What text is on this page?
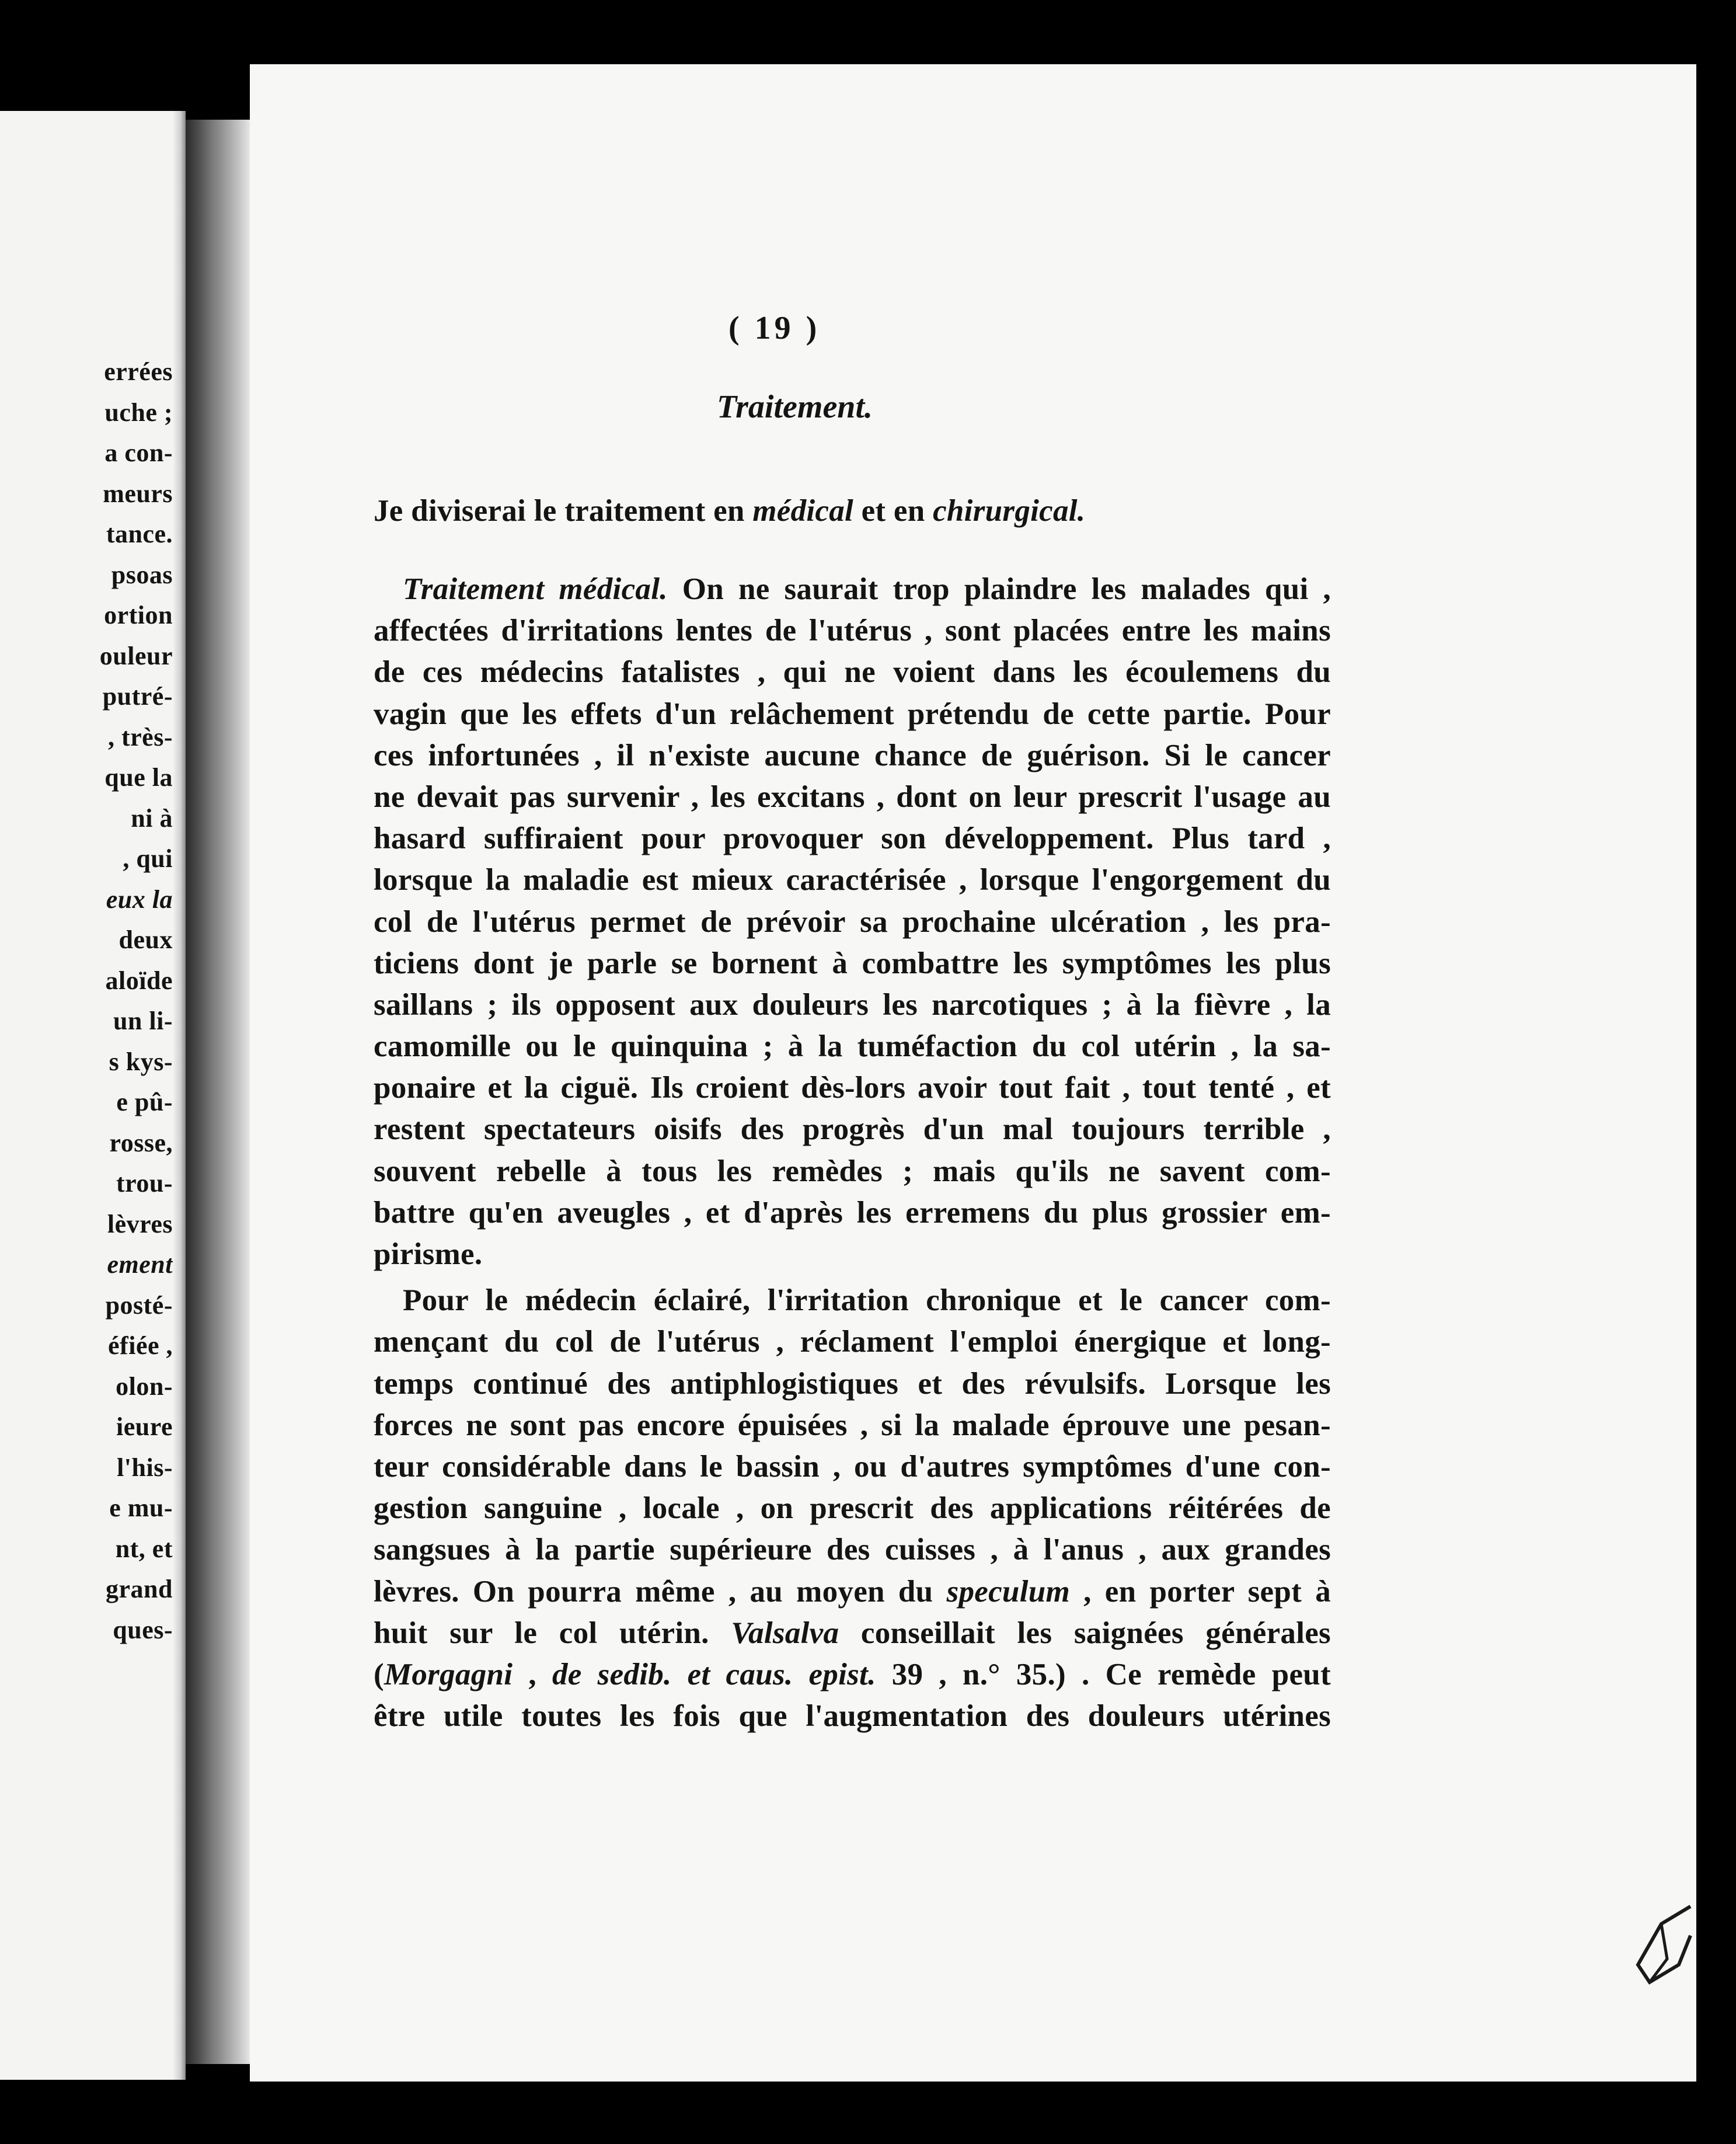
errées
uche ;
a con-
meurs
tance.
psoas
ortion
ouleur
putré-
, très-
que la
ni à
, qui
eux la
deux
aloïde
un li-
s kys-
e pû-
rosse,
trou-
lèvres
ement
posté-
éfiée ,
olon-
ieure
l'his-
e mu-
nt, et
grand
ques-
( 19 )
Traitement.
Je diviserai le traitement en médical et en chirurgical.
Traitement médical. On ne saurait trop plaindre les malades qui ,
affectées d'irritations lentes de l'utérus , sont placées entre les mains
de ces médecins fatalistes , qui ne voient dans les écoulemens du
vagin que les effets d'un relâchement prétendu de cette partie. Pour
ces infortunées , il n'existe aucune chance de guérison. Si le cancer
ne devait pas survenir , les excitans , dont on leur prescrit l'usage au
hasard suffiraient pour provoquer son développement. Plus tard ,
lorsque la maladie est mieux caractérisée , lorsque l'engorgement du
col de l'utérus permet de prévoir sa prochaine ulcération , les pra-
ticiens dont je parle se bornent à combattre les symptômes les plus
saillans ; ils opposent aux douleurs les narcotiques ; à la fièvre , la
camomille ou le quinquina ; à la tuméfaction du col utérin , la sa-
ponaire et la ciguë. Ils croient dès-lors avoir tout fait , tout tenté , et
restent spectateurs oisifs des progrès d'un mal toujours terrible ,
souvent rebelle à tous les remèdes ; mais qu'ils ne savent com-
battre qu'en aveugles , et d'après les erremens du plus grossier em-
pirisme.
Pour le médecin éclairé, l'irritation chronique et le cancer com-
mençant du col de l'utérus , réclament l'emploi énergique et long-
temps continué des antiphlogistiques et des révulsifs. Lorsque les
forces ne sont pas encore épuisées , si la malade éprouve une pesan-
teur considérable dans le bassin , ou d'autres symptômes d'une con-
gestion sanguine , locale , on prescrit des applications réitérées de
sangsues à la partie supérieure des cuisses , à l'anus , aux grandes
lèvres. On pourra même , au moyen du speculum , en porter sept à
huit sur le col utérin. Valsalva conseillait les saignées générales
(Morgagni , de sedib. et caus. epist. 39 , n.° 35.) . Ce remède peut
être utile toutes les fois que l'augmentation des douleurs utérines
